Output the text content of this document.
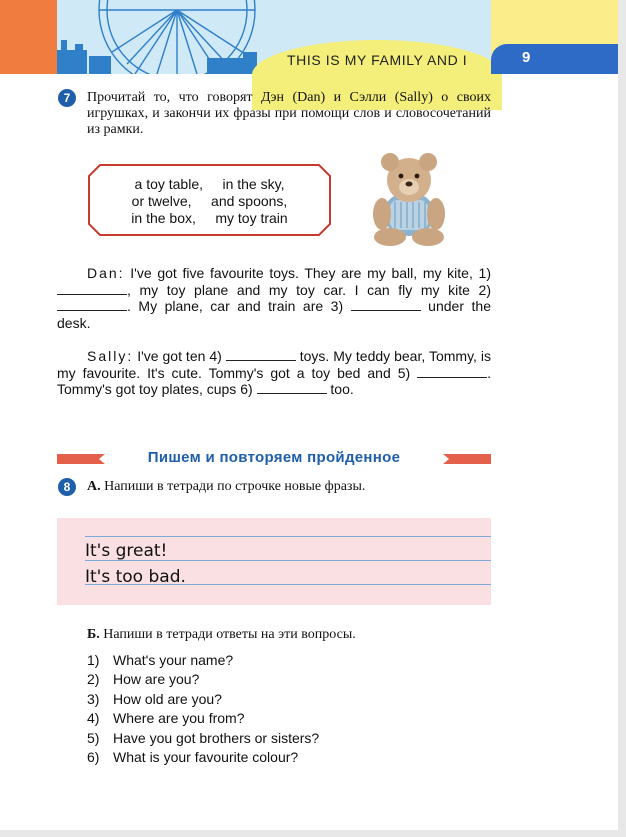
THIS IS MY FAMILY AND I	9
7	Прочитай то, что говорят Дэн (Dan) и Сэлли (Sally) о своих игрушках, и закончи их фразы при помощи слов и словосочетаний из рамки.
a toy table, in the sky,
or twelve, and spoons,
in the box, my toy train
Dan: I've got five favourite toys. They are my ball, my kite, 1) , my toy plane and my toy car. I can fly my kite 2) . My plane, car and train are 3)	under the desk.
Sally: I've got ten 4)	toys. My teddy bear, Tommy, is my favourite. It's cute. Tommy's got a toy bed and 5)	. Tommy's got toy plates, cups 6)	too.
Пишем и повторяем пройденное
8	А. Напиши в тетради по строчке новые фразы.
It's great!
It's too bad.
Б. Напиши в тетради ответы на эти вопросы.
1) What's your name?
2) How are you?
3) How old are you?
4) Where are you from?
5) Have you got brothers or sisters?
6) What is your favourite colour?
